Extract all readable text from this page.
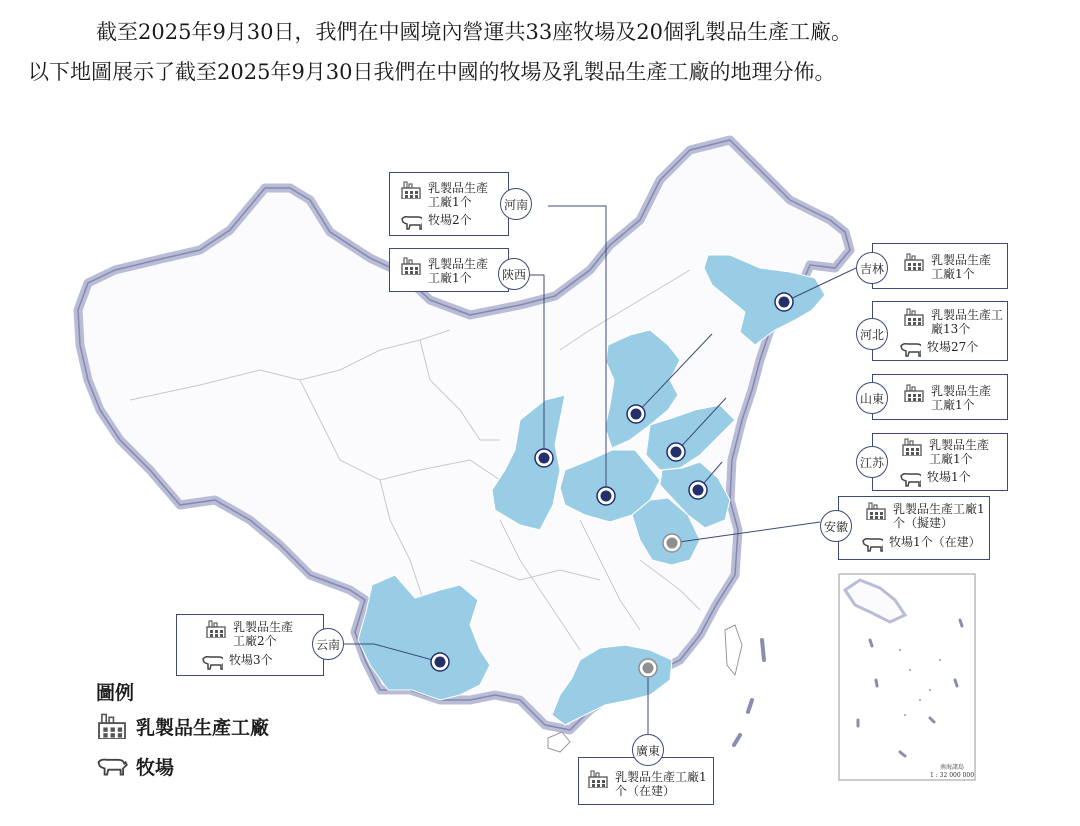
截至2025年9月30日，我們在中國境內營運共33座牧場及20個乳製品生產工廠。

以下地圖展示了截至2025年9月30日我們在中國的牧場及乳製品生產工廠的地理分佈。

南海諸島
1 : 32 000 000
乳製品生產工廠1个
牧場2个
河南
乳製品生產工廠1个	陝西
乳製品生產工廠1个
吉林
乳製品生產工廠13个
牧場27个
河北
乳製品生產工廠1个
山東
乳製品生產工廠1个
牧場1个
江苏
乳製品生產工廠1个（擬建）
牧場1个（在建）
安徽
乳製品生產工廠2个
牧場3个
云南
乳製品生產工廠1个（在建）
廣東
圖例
乳製品生產工廠
牧場
